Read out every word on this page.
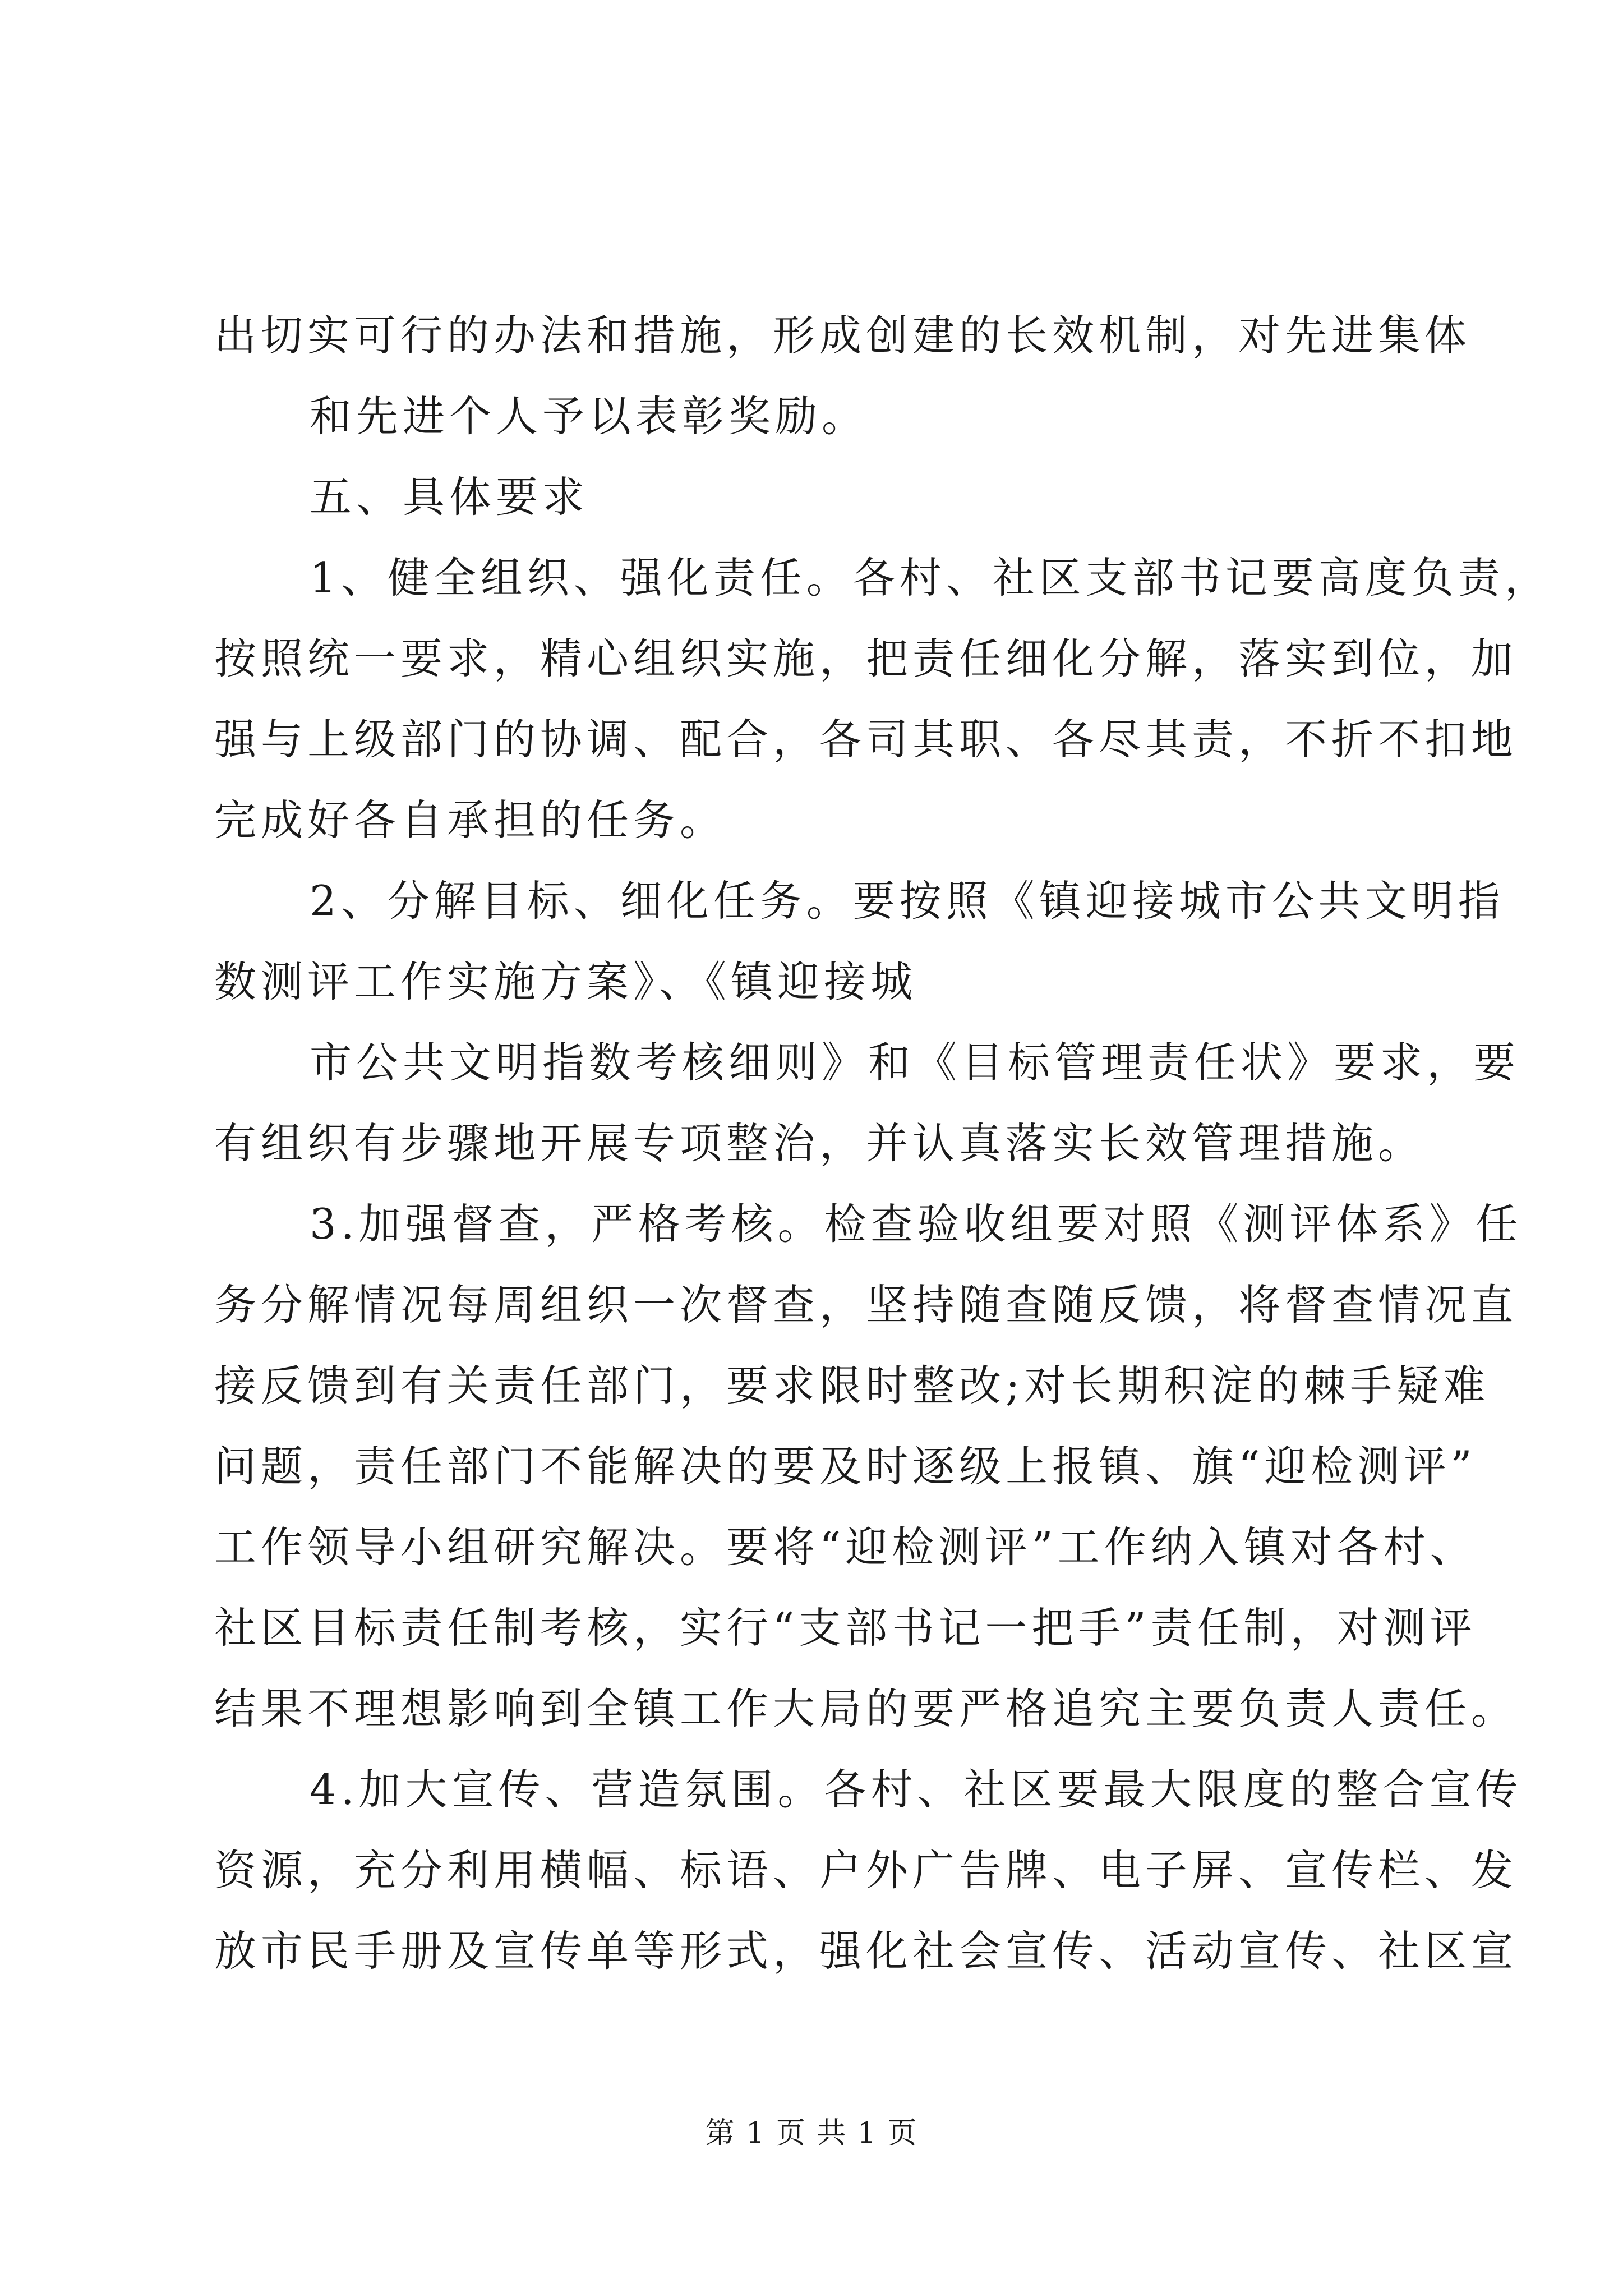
出切实可行的办法和措施，形成创建的长效机制，对先进集体
和先进个人予以表彰奖励。
五、具体要求
1、健全组织、强化责任。各村、社区支部书记要高度负责，
按照统一要求，精心组织实施，把责任细化分解，落实到位，加
强与上级部门的协调、配合，各司其职、各尽其责，不折不扣地
完成好各自承担的任务。
2、分解目标、细化任务。要按照《镇迎接城市公共文明指
数测评工作实施方案》、《镇迎接城
市公共文明指数考核细则》和《目标管理责任状》要求，要
有组织有步骤地开展专项整治，并认真落实长效管理措施。
3.加强督查，严格考核。检查验收组要对照《测评体系》任
务分解情况每周组织一次督查，坚持随查随反馈，将督查情况直
接反馈到有关责任部门，要求限时整改;对长期积淀的棘手疑难
问题，责任部门不能解决的要及时逐级上报镇、旗“迎检测评”
工作领导小组研究解决。要将“迎检测评”工作纳入镇对各村、
社区目标责任制考核，实行“支部书记一把手”责任制，对测评
结果不理想影响到全镇工作大局的要严格追究主要负责人责任。
4.加大宣传、营造氛围。各村、社区要最大限度的整合宣传
资源，充分利用横幅、标语、户外广告牌、电子屏、宣传栏、发
放市民手册及宣传单等形式，强化社会宣传、活动宣传、社区宣
第 1 页 共 1 页
